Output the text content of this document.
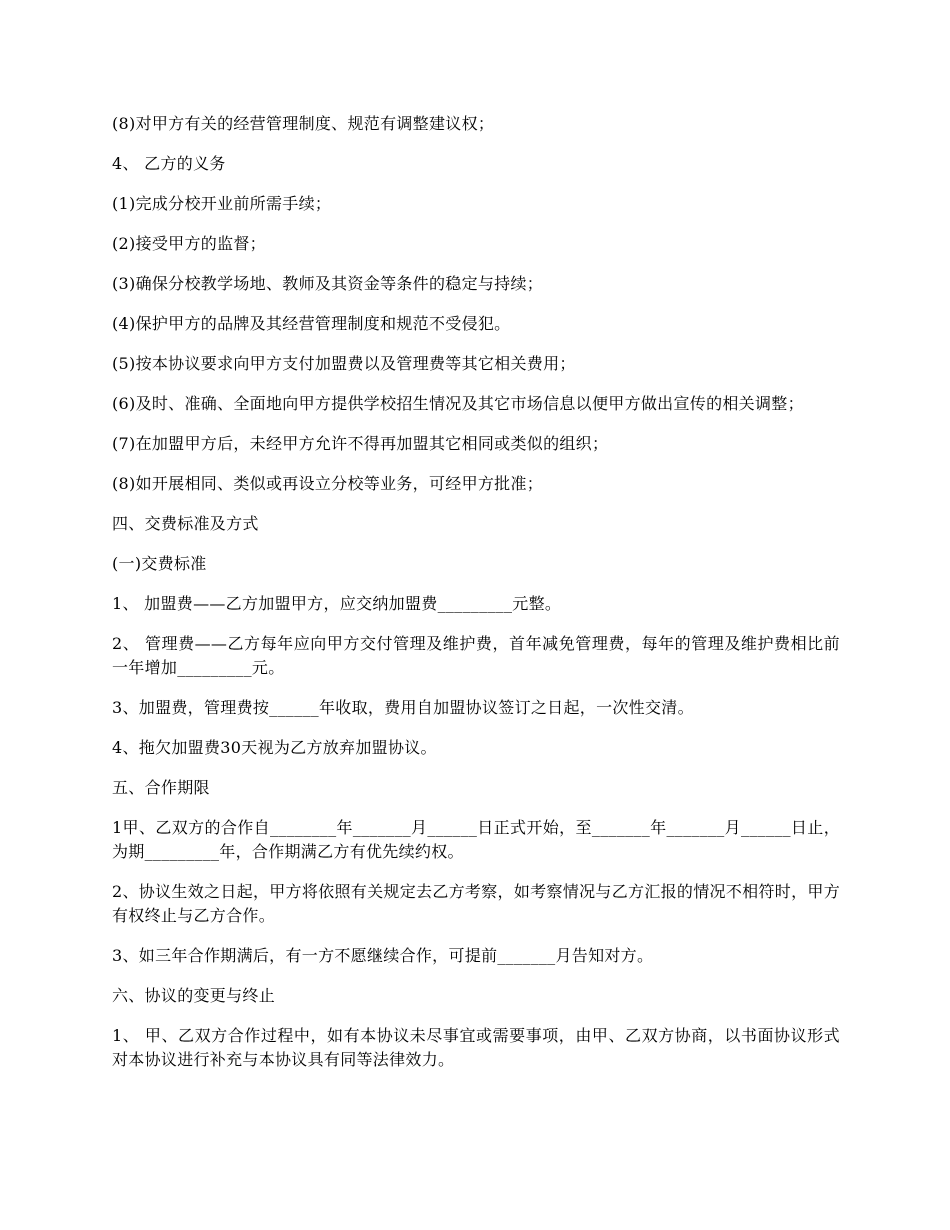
(8)对甲方有关的经营管理制度、规范有调整建议权；

4、 乙方的义务

(1)完成分校开业前所需手续；

(2)接受甲方的监督；

(3)确保分校教学场地、教师及其资金等条件的稳定与持续；

(4)保护甲方的品牌及其经营管理制度和规范不受侵犯。

(5)按本协议要求向甲方支付加盟费以及管理费等其它相关费用；

(6)及时、准确、全面地向甲方提供学校招生情况及其它市场信息以便甲方做出宣传的相关调整；

(7)在加盟甲方后，未经甲方允许不得再加盟其它相同或类似的组织；

(8)如开展相同、类似或再设立分校等业务，可经甲方批准；

四、交费标准及方式

(一)交费标准

1、 加盟费——乙方加盟甲方，应交纳加盟费_________元整。

2、 管理费——乙方每年应向甲方交付管理及维护费，首年减免管理费，每年的管理及维护费相比前一年增加_________元。

3、加盟费，管理费按______年收取，费用自加盟协议签订之日起，一次性交清。

4、拖欠加盟费30天视为乙方放弃加盟协议。

五、合作期限

1甲、乙双方的合作自________年_______月______日正式开始，至_______年_______月______日止，为期_________年，合作期满乙方有优先续约权。

2、协议生效之日起，甲方将依照有关规定去乙方考察，如考察情况与乙方汇报的情况不相符时，甲方有权终止与乙方合作。

3、如三年合作期满后，有一方不愿继续合作，可提前_______月告知对方。

六、协议的变更与终止

1、 甲、乙双方合作过程中，如有本协议未尽事宜或需要事项，由甲、乙双方协商，以书面协议形式对本协议进行补充与本协议具有同等法律效力。
